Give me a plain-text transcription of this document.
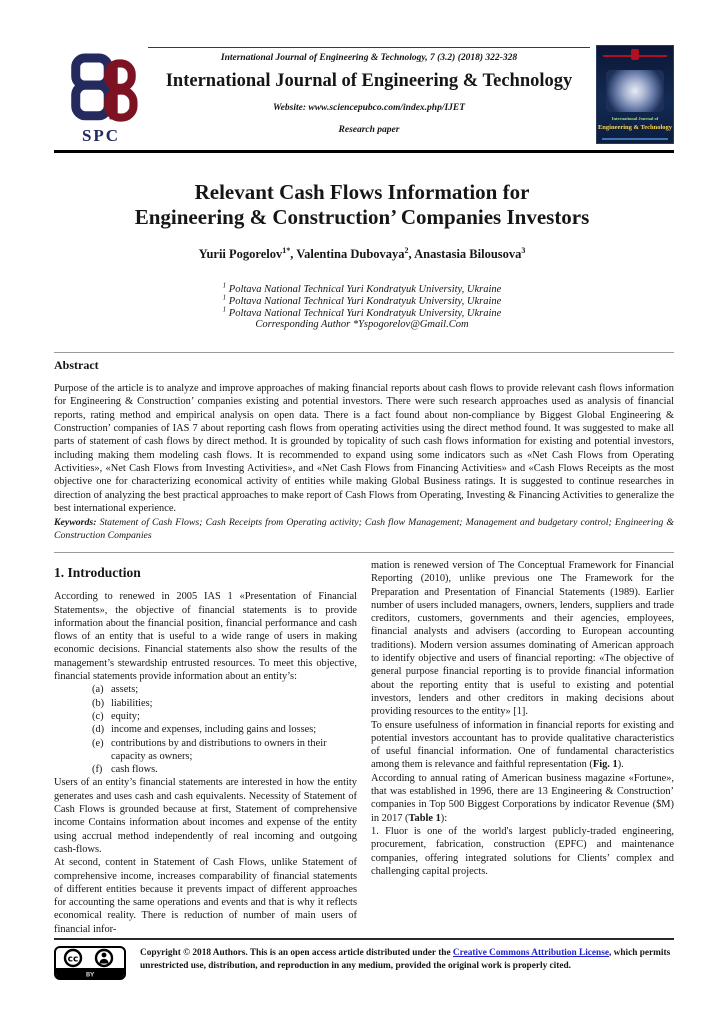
SPC
International Journal of Engineering & Technology, 7 (3.2) (2018) 322-328
International Journal of Engineering & Technology
Website: www.sciencepubco.com/index.php/IJET
Research paper
International Journal of
Engineering & Technology
Relevant Cash Flows Information for
Engineering & Construction’ Companies Investors
Yurii Pogorelov$^{1*}$, Valentina Dubovaya$^2$, Anastasia Bilousova$^3$
$^1$ Poltava National Technical Yuri Kondratyuk University, Ukraine
$^1$ Poltava National Technical Yuri Kondratyuk University, Ukraine
$^1$ Poltava National Technical Yuri Kondratyuk University, Ukraine
Corresponding Author *Yspogorelov@Gmail.Com
Abstract
Purpose of the article is to analyze and improve approaches of making financial reports about cash flows to provide relevant cash flows information for Engineering & Construction’ companies existing and potential investors. There were such research approaches used as analysis of financial reports, rating method and empirical analysis on open data. There is a fact found about non-compliance by Biggest Global Engineering & Construction’ companies of IAS 7 about reporting cash flows from operating activities using the direct method found. It was suggested to make all parts of statement of cash flows by direct method. It is grounded by topicality of such cash flows information for existing and potential investors, including making them modeling cash flows. It is recommended to expand using some indicators such as «Net Cash Flows from Operating Activities», «Net Cash Flows from Investing Activities», and «Net Cash Flows from Financing Activities» and «Cash Flows Receipts as the most objective one for characterizing economical activity of entities while making Global Business ratings. It is suggested to continue researches in direction of analyzing the best practical approaches to make report of Cash Flows from Operating, Investing & Financing Activities to generalize the best international experience.
Keywords: Statement of Cash Flows; Cash Receipts from Operating activity; Cash flow Management; Management and budgetary control; Engineering & Construction Companies
1. Introduction

According to renewed in 2005 IAS 1 «Presentation of Financial Statements», the objective of financial statements is to provide information about the financial position, financial performance and cash flows of an entity that is useful to a wide range of users in making economic decisions. Financial statements also show the results of the management’s stewardship entrusted resources. To meet this objective, financial statements provide information about an entity’s:

(a) assets;
(b) liabilities;
(c) equity;
(d) income and expenses, including gains and losses;
(e) contributions by and distributions to owners in their capacity as owners;
(f) cash flows.

Users of an entity’s financial statements are interested in how the entity generates and uses cash and cash equivalents. Necessity of Statement of Cash Flows is grounded because at first, Statement of comprehensive income Contains information about incomes and expense of the entity using accrual method independently of real incoming and outgoing cash-flows.

At second, content in Statement of Cash Flows, unlike Statement of comprehensive income, increases comparability of financial statements of different entities because it prevents impact of different approaches for accounting the same operations and events and that is why it reflects economical reality. There is reduction of number of main users of financial infor-

mation is renewed version of The Conceptual Framework for Financial Reporting (2010), unlike previous one The Framework for the Preparation and Presentation of Financial Statements (1989). Earlier number of users included managers, owners, lenders, suppliers and trade creditors, customers, governments and their agencies, employees, financial analysts and advisers (according to European accounting traditions). Modern version assumes dominating of American approach to identify objective and users of financial reporting: «The objective of general purpose financial reporting is to provide financial information about the reporting entity that is useful to existing and potential investors, lenders and other creditors in making decisions about providing resources to the entity» [1].

To ensure usefulness of information in financial reports for existing and potential investors accountant has to provide qualitative characteristics of useful financial information. One of fundamental characteristics among them is relevance and faithful representation (Fig. 1).

According to annual rating of American business magazine «Fortune», that was established in 1996, there are 13 Engineering & Construction’ companies in Top 500 Biggest Corporations by indicator Revenue ($M) in 2017 (Table 1):

1. Fluor is one of the world's largest publicly-traded engineering, procurement, fabrication, construction (EPFC) and maintenance companies, offering integrated solutions for Clients’ complex and challenging capital projects.

cc
BY
Copyright © 2018 Authors. This is an open access article distributed under the Creative Commons Attribution License, which permits unrestricted use, distribution, and reproduction in any medium, provided the original work is properly cited.
